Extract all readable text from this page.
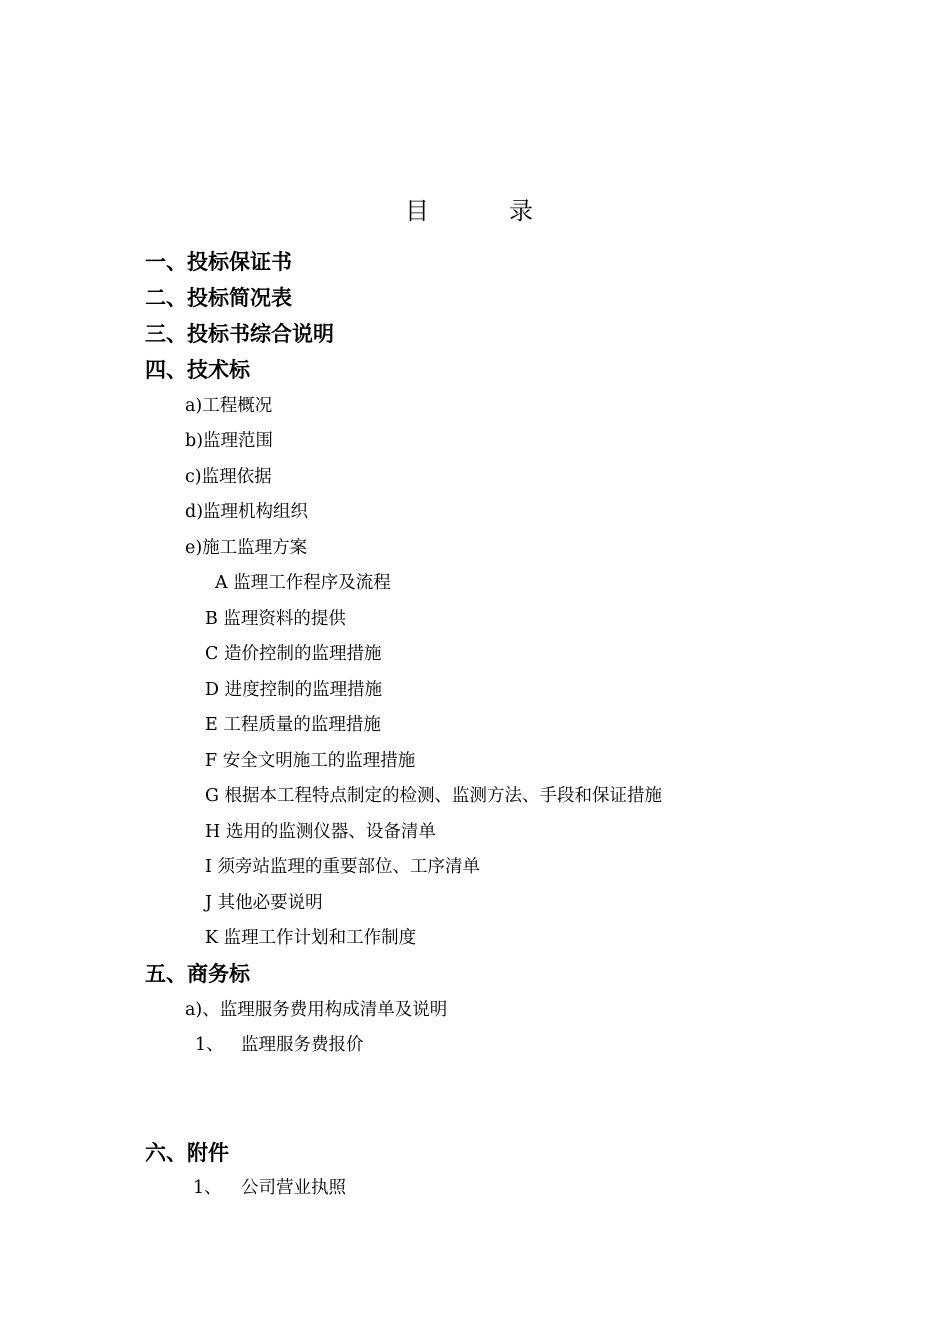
目	录
一、投标保证书
二、投标简况表
三、投标书综合说明
四、技术标
a)工程概况
b)监理范围
c)监理依据
d)监理机构组织
e)施工监理方案
A 监理工作程序及流程
B 监理资料的提供
C 造价控制的监理措施
D 进度控制的监理措施
E 工程质量的监理措施
F 安全文明施工的监理措施
G 根据本工程特点制定的检测、监测方法、手段和保证措施
H 选用的监测仪器、设备清单
I 须旁站监理的重要部位、工序清单
J 其他必要说明
K 监理工作计划和工作制度
五、商务标
a)、监理服务费用构成清单及说明
1、 监理服务费报价
六、附件
1、 公司营业执照
